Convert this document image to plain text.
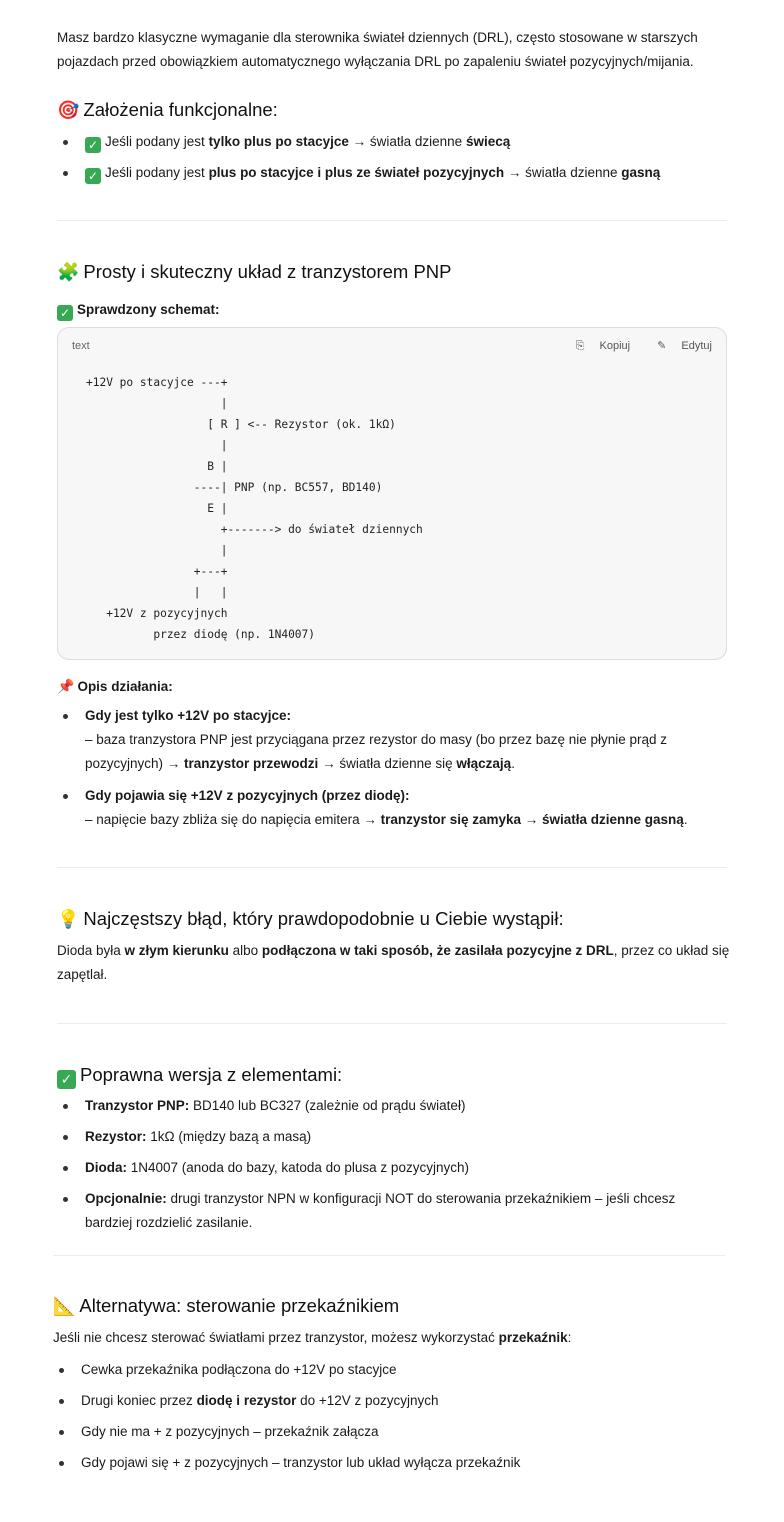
Masz bardzo klasyczne wymaganie dla sterownika świateł dziennych (DRL), często stosowane w starszych

pojazdach przed obowiązkiem automatycznego wyłączania DRL po zapaleniu świateł pozycyjnych/mijania.

🎯 Założenia funkcjonalne:
✓ Jeśli podany jest tylko plus po stacyjce → światła dzienne świecą
✓ Jeśli podany jest plus po stacyjce i plus ze świateł pozycyjnych → światła dzienne gasną
🧩 Prosty i skuteczny układ z tranzystorem PNP
✓ Sprawdzony schemat:
text	⎘ Kopiuj ✎ Edytuj
+12V po stacyjce ---+
|
[ R ] <-- Rezystor (ok. 1kΩ)
|
B |
----| PNP (np. BC557, BD140)
E |
+-------> do świateł dziennych
|
+---+
|   |
+12V z pozycyjnych
przez diodę (np. 1N4007)
📌 Opis działania:
Gdy jest tylko +12V po stacyjce:
– baza tranzystora PNP jest przyciągana przez rezystor do masy (bo przez bazę nie płynie prąd z
pozycyjnych) → tranzystor przewodzi → światła dzienne się włączają.
Gdy pojawia się +12V z pozycyjnych (przez diodę):
– napięcie bazy zbliża się do napięcia emitera → tranzystor się zamyka → światła dzienne gasną.
💡 Najczęstszy błąd, który prawdopodobnie u Ciebie wystąpił:

Dioda była w złym kierunku albo podłączona w taki sposób, że zasilała pozycyjne z DRL, przez co układ się
zapętlał.

✓ Poprawna wersja z elementami:
Tranzystor PNP: BD140 lub BC327 (zależnie od prądu świateł)
Rezystor: 1kΩ (między bazą a masą)
Dioda: 1N4007 (anoda do bazy, katoda do plusa z pozycyjnych)
Opcjonalnie: drugi tranzystor NPN w konfiguracji NOT do sterowania przekaźnikiem – jeśli chcesz
bardziej rozdzielić zasilanie.
📐 Alternatywa: sterowanie przekaźnikiem

Jeśli nie chcesz sterować światłami przez tranzystor, możesz wykorzystać przekaźnik:

Cewka przekaźnika podłączona do +12V po stacyjce
Drugi koniec przez diodę i rezystor do +12V z pozycyjnych
Gdy nie ma + z pozycyjnych – przekaźnik załącza
Gdy pojawi się + z pozycyjnych – tranzystor lub układ wyłącza przekaźnik
